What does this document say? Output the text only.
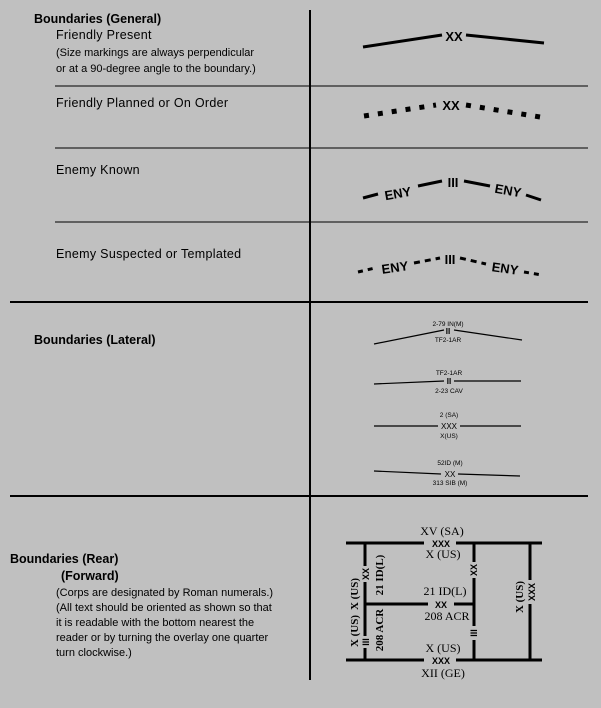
Boundaries (General)
Friendly Present
(Size markings are always perpendicular
or at a 90-degree angle to the boundary.)
Friendly Planned or On Order
Enemy Known
Enemy Suspected or Templated
XX
XX
ENY
III	ENY
ENY	III	ENY
Boundaries (Lateral)
2-79 IN(M)
II
TF2-1AR
TF2-1AR
II
2-23 CAV
2 (SA)
XXX
X(US)
52ID (M)
XX
313 SIB (M)
Boundaries (Rear)
(Forward)
(Corps are designated by Roman numerals.)
(All text should be oriented as shown so that
it is readable with the bottom nearest the
reader or by turning the overlay one quarter
turn clockwise.)
XV (SA)
XXX
X (US)
X (US)
XXX
XII (GE)
X (US)
XX
X (US) III
21 ID(L)
208 ACR
21 ID(L)
XX
208 ACR
XX
III
X (US) XXX
